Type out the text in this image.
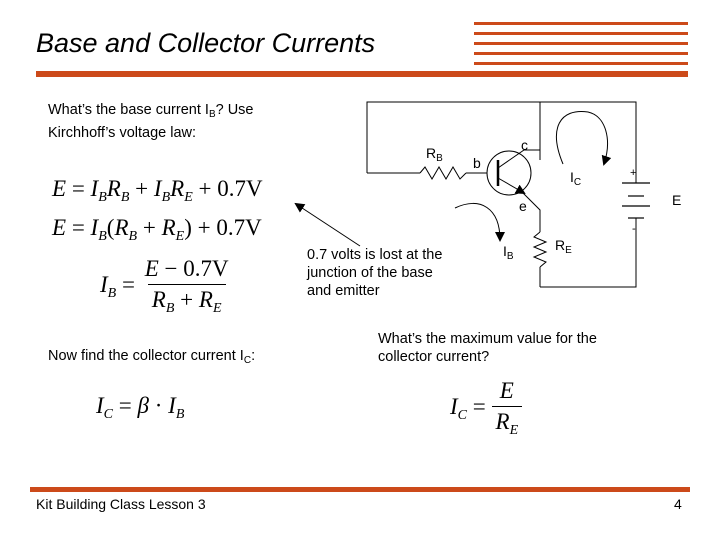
Base and Collector Currents
What’s the base current $I_B$? Use
Kirchhoff’s voltage law:
$E = I_BR_B + I_BR_E + 0.7V$
$E = I_B(R_B + R_E) + 0.7V$
$I_B = \frac{E - 0.7V}{R_B + R_E}$
Now find the collector current $I_C$:
$I_C = \beta \cdot I_B$
0.7 volts is lost at the
junction of the base
and emitter
What’s the maximum value for the
collector current?
$I_C = \frac{E}{R_E}$
$R_B$ b
c
e
$I_C$
$I_B$
$R_E$
E
+
-
Kit Building Class Lesson 3	4
